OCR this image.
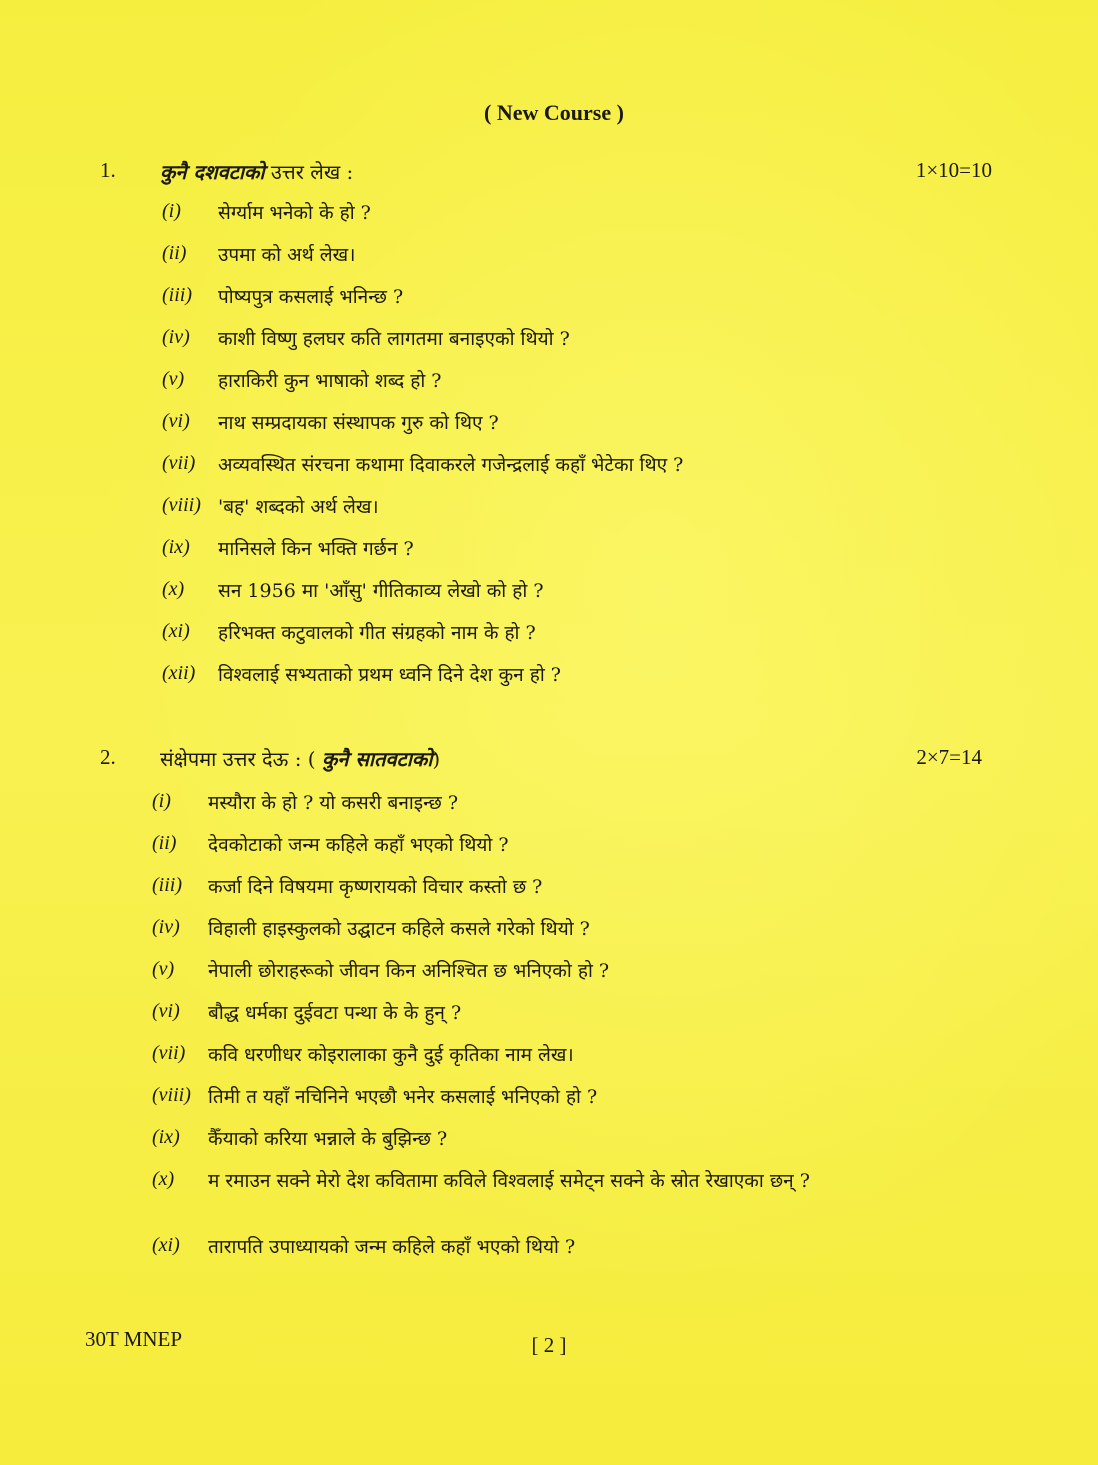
( New Course )
1. कुनै दशवटाको उत्तर लेख :	1×10=10
(i)	सेर्ग्याम भनेको के हो ?
(ii)	उपमा को अर्थ लेख।
(iii)	पोष्यपुत्र कसलाई भनिन्छ ?
(iv)	काशी विष्णु हलघर कति लागतमा बनाइएको थियो ?
(v)	हाराकिरी कुन भाषाको शब्द हो ?
(vi)	नाथ सम्प्रदायका संस्थापक गुरु को थिए ?
(vii)	अव्यवस्थित संरचना कथामा दिवाकरले गजेन्द्रलाई कहाँ भेटेका थिए ?
(viii) 'बह' शब्दको अर्थ लेख।
(ix)	मानिसले किन भक्ति गर्छन ?
(x)	सन 1956 मा 'आँसु' गीतिकाव्य लेखो को हो ?
(xi)	हरिभक्त कटुवालको गीत संग्रहको नाम के हो ?
(xii)	विश्वलाई सभ्यताको प्रथम ध्वनि दिने देश कुन हो ?
2. संक्षेपमा उत्तर देऊ : ( कुनै सातवटाको)	2×7=14
(i)	मस्यौरा के हो ? यो कसरी बनाइन्छ ?
(ii)	देवकोटाको जन्म कहिले कहाँ भएको थियो ?
(iii)	कर्जा दिने विषयमा कृष्णरायको विचार कस्तो छ ?
(iv)	विहाली हाइस्कुलको उद्घाटन कहिले कसले गरेको थियो ?
(v)	नेपाली छोराहरूको जीवन किन अनिश्चित छ भनिएको हो ?
(vi)	बौद्ध धर्मका दुईवटा पन्था के के हुन् ?
(vii)	कवि धरणीधर कोइरालाका कुनै दुई कृतिका नाम लेख।
(viii) तिमी त यहाँ नचिनिने भएछौ भनेर कसलाई भनिएको हो ?
(ix)	कैँयाको करिया भन्नाले के बुझिन्छ ?
(x)	म रमाउन सक्ने मेरो देश कवितामा कविले विश्वलाई समेट्न सक्ने के स्रोत रेखाएका छन् ?
(xi)	तारापति उपाध्यायको जन्म कहिले कहाँ भएको थियो ?
30T MNEP	[ 2 ]
